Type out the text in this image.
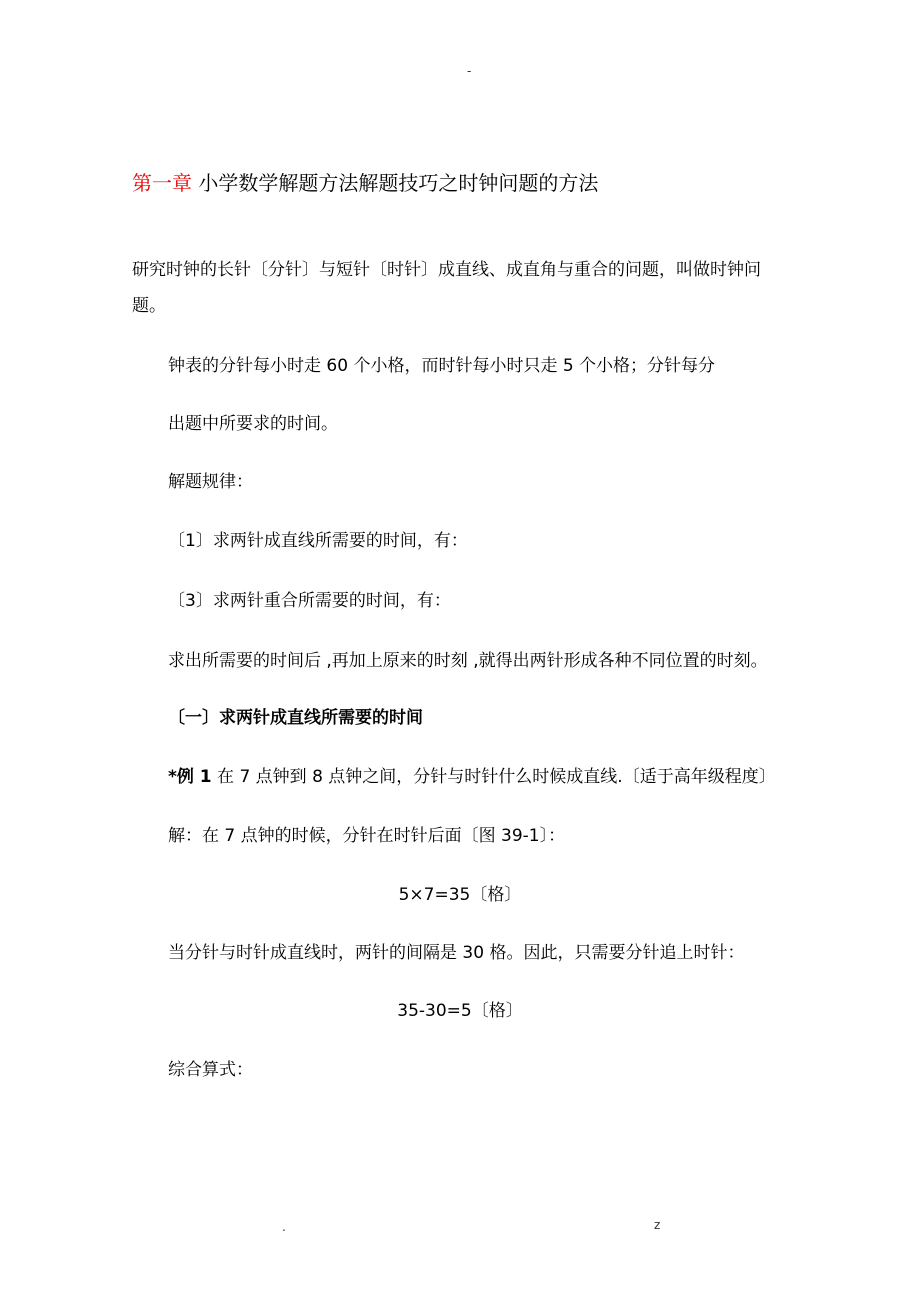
-
第一章 小学数学解题方法解题技巧之时钟问题的方法
研究时钟的长针〔分针〕与短针〔时针〕成直线、成直角与重合的问题，叫做时钟问
题。
钟表的分针每小时走 60 个小格，而时针每小时只走 5 个小格；分针每分
出题中所要求的时间。
解题规律：
〔1〕求两针成直线所需要的时间，有：
〔3〕求两针重合所需要的时间，有：
求出所需要的时间后 ,再加上原来的时刻 ,就得出两针形成各种不同位置的时刻。
〔一〕求两针成直线所需要的时间
*例 1 在 7 点钟到 8 点钟之间，分针与时针什么时候成直线.〔适于高年级程度〕
解：在 7 点钟的时候，分针在时针后面〔图 39-1〕：
5×7=35〔格〕
当分针与时针成直线时，两针的间隔是 30 格。因此，只需要分针追上时针：
35-30=5〔格〕
综合算式：
.	z
